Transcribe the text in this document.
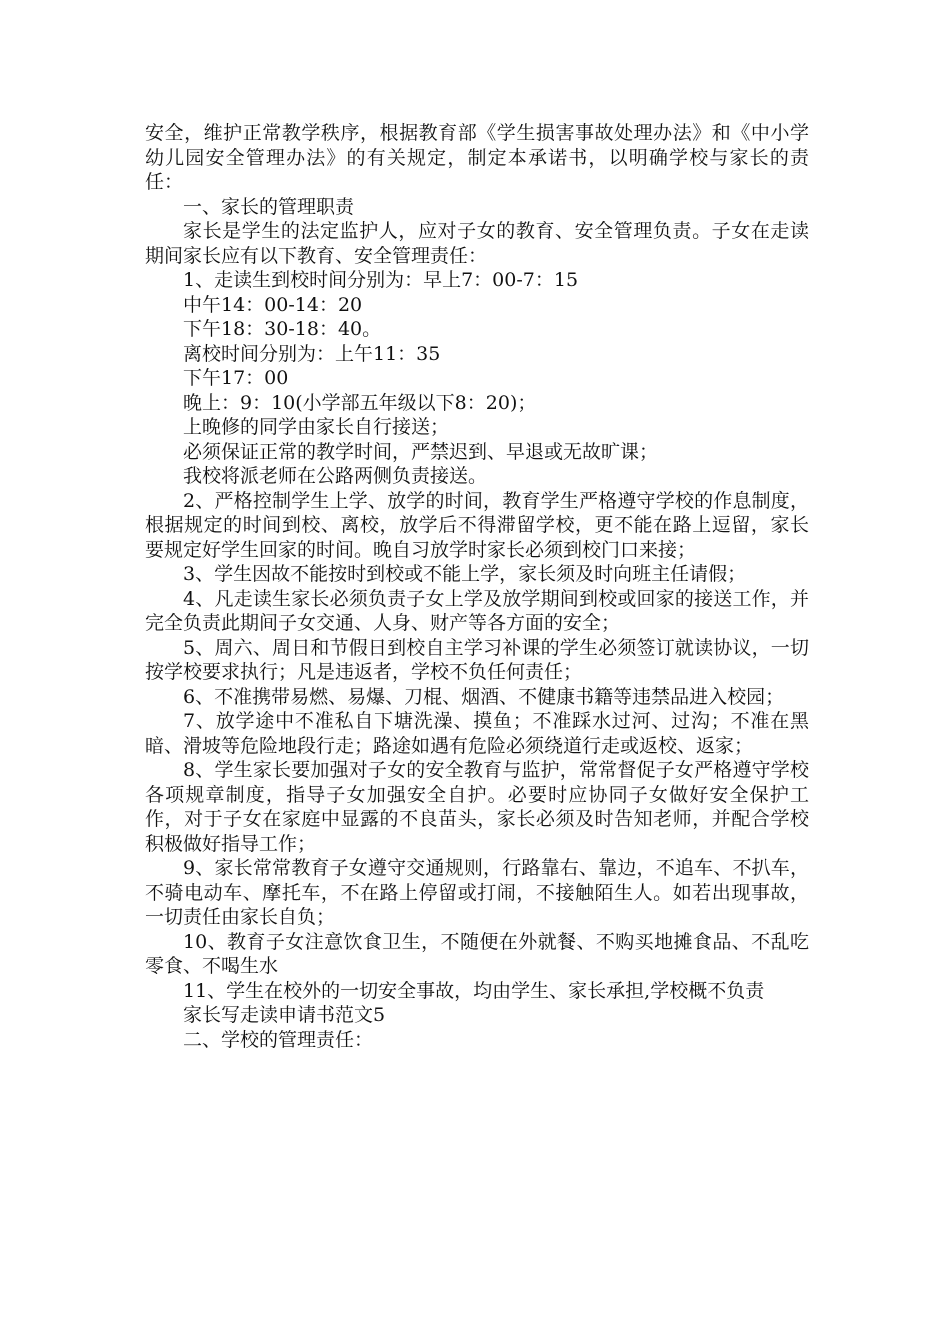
安全，维护正常教学秩序，根据教育部《学生损害事故处理办法》和《中小学幼儿园安全管理办法》的有关规定，制定本承诺书，以明确学校与家长的责任：

一、家长的管理职责

家长是学生的法定监护人，应对子女的教育、安全管理负责。子女在走读期间家长应有以下教育、安全管理责任：

1、走读生到校时间分别为：早上7：00-7：15

中午14：00-14：20

下午18：30-18：40。

离校时间分别为：上午11：35

下午17：00

晚上：9：10(小学部五年级以下8：20)；

上晚修的同学由家长自行接送；

必须保证正常的教学时间，严禁迟到、早退或无故旷课；

我校将派老师在公路两侧负责接送。

2、严格控制学生上学、放学的时间，教育学生严格遵守学校的作息制度，根据规定的时间到校、离校，放学后不得滞留学校，更不能在路上逗留，家长要规定好学生回家的时间。晚自习放学时家长必须到校门口来接；

3、学生因故不能按时到校或不能上学，家长须及时向班主任请假；

4、凡走读生家长必须负责子女上学及放学期间到校或回家的接送工作，并完全负责此期间子女交通、人身、财产等各方面的安全；

5、周六、周日和节假日到校自主学习补课的学生必须签订就读协议，一切按学校要求执行；凡是违返者，学校不负任何责任；

6、不准携带易燃、易爆、刀棍、烟酒、不健康书籍等违禁品进入校园；

7、放学途中不准私自下塘洗澡、摸鱼；不准踩水过河、过沟；不准在黑暗、滑坡等危险地段行走；路途如遇有危险必须绕道行走或返校、返家；

8、学生家长要加强对子女的安全教育与监护，常常督促子女严格遵守学校各项规章制度，指导子女加强安全自护。必要时应协同子女做好安全保护工作，对于子女在家庭中显露的不良苗头，家长必须及时告知老师，并配合学校积极做好指导工作；

9、家长常常教育子女遵守交通规则，行路靠右、靠边，不追车、不扒车，不骑电动车、摩托车，不在路上停留或打闹，不接触陌生人。如若出现事故，一切责任由家长自负；

10、教育子女注意饮食卫生，不随便在外就餐、不购买地摊食品、不乱吃零食、不喝生水

11、学生在校外的一切安全事故，均由学生、家长承担,学校概不负责

家长写走读申请书范文5

二、学校的管理责任：
